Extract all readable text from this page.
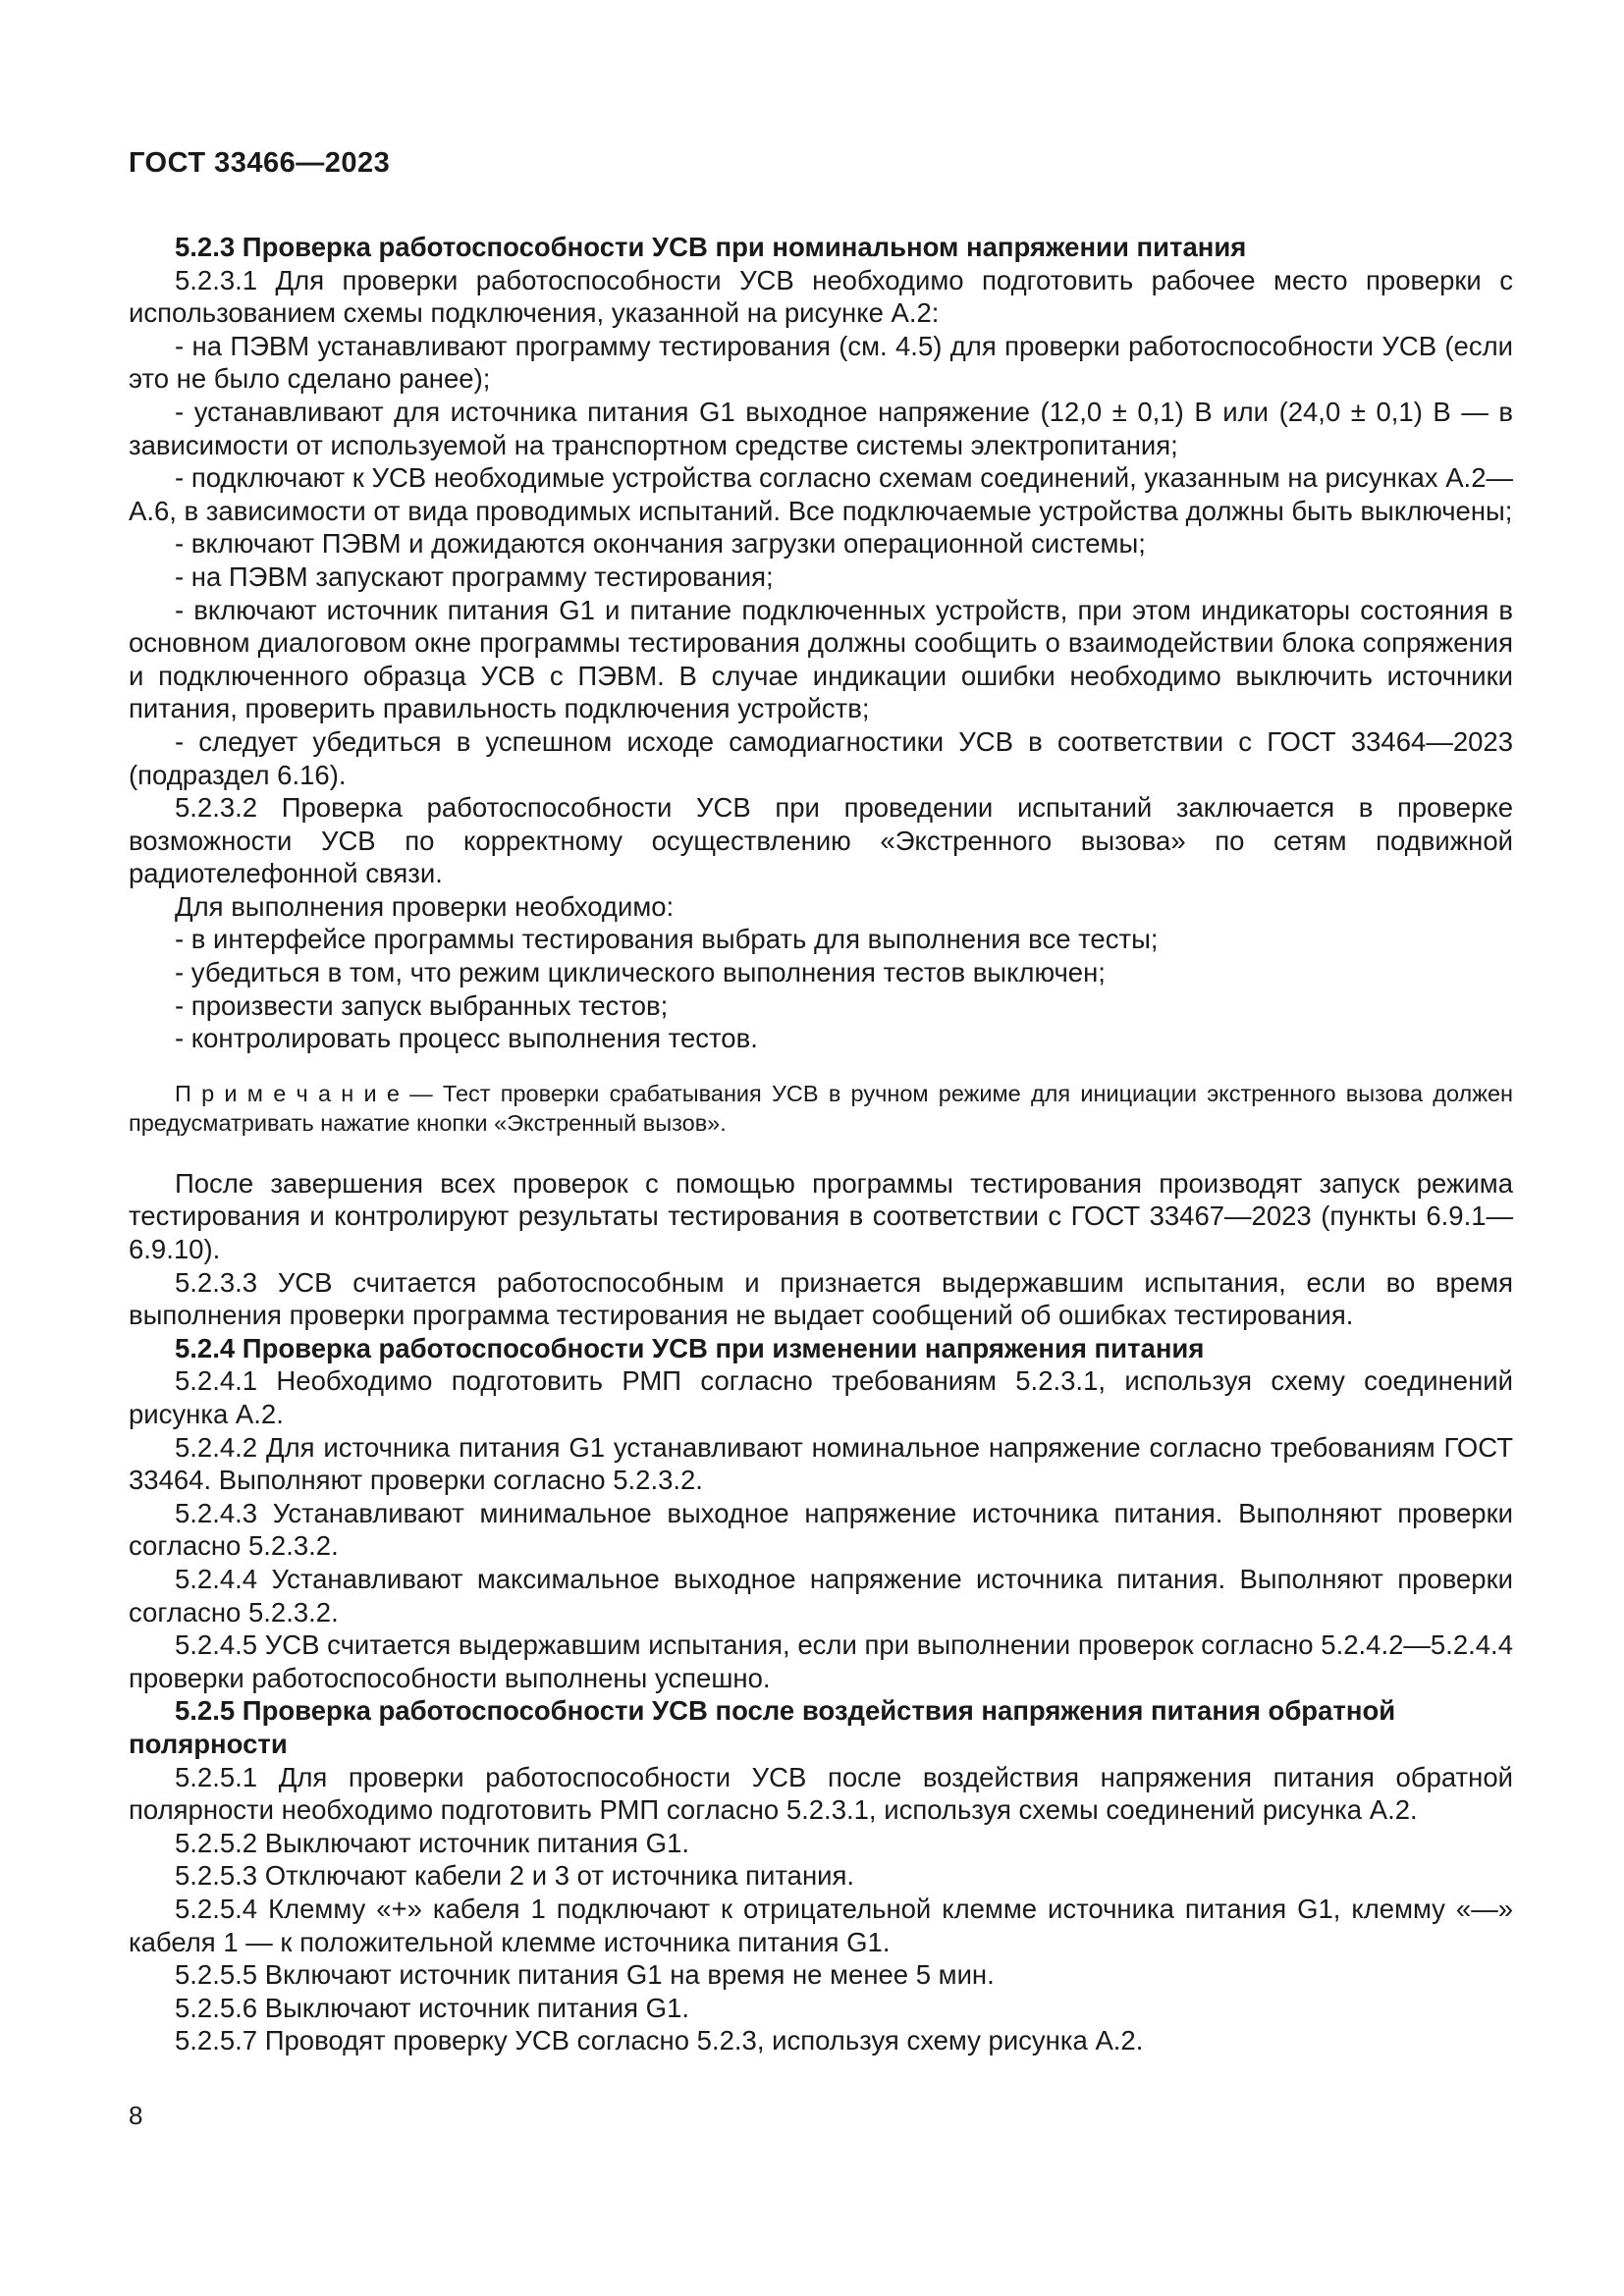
ГОСТ 33466—2023

5.2.3 Проверка работоспособности УСВ при номинальном напряжении питания

5.2.3.1 Для проверки работоспособности УСВ необходимо подготовить рабочее место проверки с использованием схемы подключения, указанной на рисунке А.2:

- на ПЭВМ устанавливают программу тестирования (см. 4.5) для проверки работоспособности УСВ (если это не было сделано ранее);

- устанавливают для источника питания G1 выходное напряжение (12,0 ± 0,1) В или (24,0 ± 0,1) В — в зависимости от используемой на транспортном средстве системы электропитания;

- подключают к УСВ необходимые устройства согласно схемам соединений, указанным на рисунках А.2—А.6, в зависимости от вида проводимых испытаний. Все подключаемые устройства должны быть выключены;

- включают ПЭВМ и дожидаются окончания загрузки операционной системы;

- на ПЭВМ запускают программу тестирования;

- включают источник питания G1 и питание подключенных устройств, при этом индикаторы состояния в основном диалоговом окне программы тестирования должны сообщить о взаимодействии блока сопряжения и подключенного образца УСВ с ПЭВМ. В случае индикации ошибки необходимо выключить источники питания, проверить правильность подключения устройств;

- следует убедиться в успешном исходе самодиагностики УСВ в соответствии с ГОСТ 33464—2023 (подраздел 6.16).

5.2.3.2 Проверка работоспособности УСВ при проведении испытаний заключается в проверке возможности УСВ по корректному осуществлению «Экстренного вызова» по сетям подвижной радиотелефонной связи.

Для выполнения проверки необходимо:

- в интерфейсе программы тестирования выбрать для выполнения все тесты;

- убедиться в том, что режим циклического выполнения тестов выключен;

- произвести запуск выбранных тестов;

- контролировать процесс выполнения тестов.

П р и м е ч а н и е — Тест проверки срабатывания УСВ в ручном режиме для инициации экстренного вызова должен предусматривать нажатие кнопки «Экстренный вызов».

После завершения всех проверок с помощью программы тестирования производят запуск режима тестирования и контролируют результаты тестирования в соответствии с ГОСТ 33467—2023 (пункты 6.9.1—6.9.10).

5.2.3.3 УСВ считается работоспособным и признается выдержавшим испытания, если во время выполнения проверки программа тестирования не выдает сообщений об ошибках тестирования.

5.2.4 Проверка работоспособности УСВ при изменении напряжения питания

5.2.4.1 Необходимо подготовить РМП согласно требованиям 5.2.3.1, используя схему соединений рисунка А.2.

5.2.4.2 Для источника питания G1 устанавливают номинальное напряжение согласно требованиям ГОСТ 33464. Выполняют проверки согласно 5.2.3.2.

5.2.4.3 Устанавливают минимальное выходное напряжение источника питания. Выполняют проверки согласно 5.2.3.2.

5.2.4.4 Устанавливают максимальное выходное напряжение источника питания. Выполняют проверки согласно 5.2.3.2.

5.2.4.5 УСВ считается выдержавшим испытания, если при выполнении проверок согласно 5.2.4.2—5.2.4.4 проверки работоспособности выполнены успешно.

5.2.5 Проверка работоспособности УСВ после воздействия напряжения питания обратной полярности

5.2.5.1 Для проверки работоспособности УСВ после воздействия напряжения питания обратной полярности необходимо подготовить РМП согласно 5.2.3.1, используя схемы соединений рисунка А.2.

5.2.5.2 Выключают источник питания G1.

5.2.5.3 Отключают кабели 2 и 3 от источника питания.

5.2.5.4 Клемму «+» кабеля 1 подключают к отрицательной клемме источника питания G1, клемму «—» кабеля 1 — к положительной клемме источника питания G1.

5.2.5.5 Включают источник питания G1 на время не менее 5 мин.

5.2.5.6 Выключают источник питания G1.

5.2.5.7 Проводят проверку УСВ согласно 5.2.3, используя схему рисунка А.2.

8
